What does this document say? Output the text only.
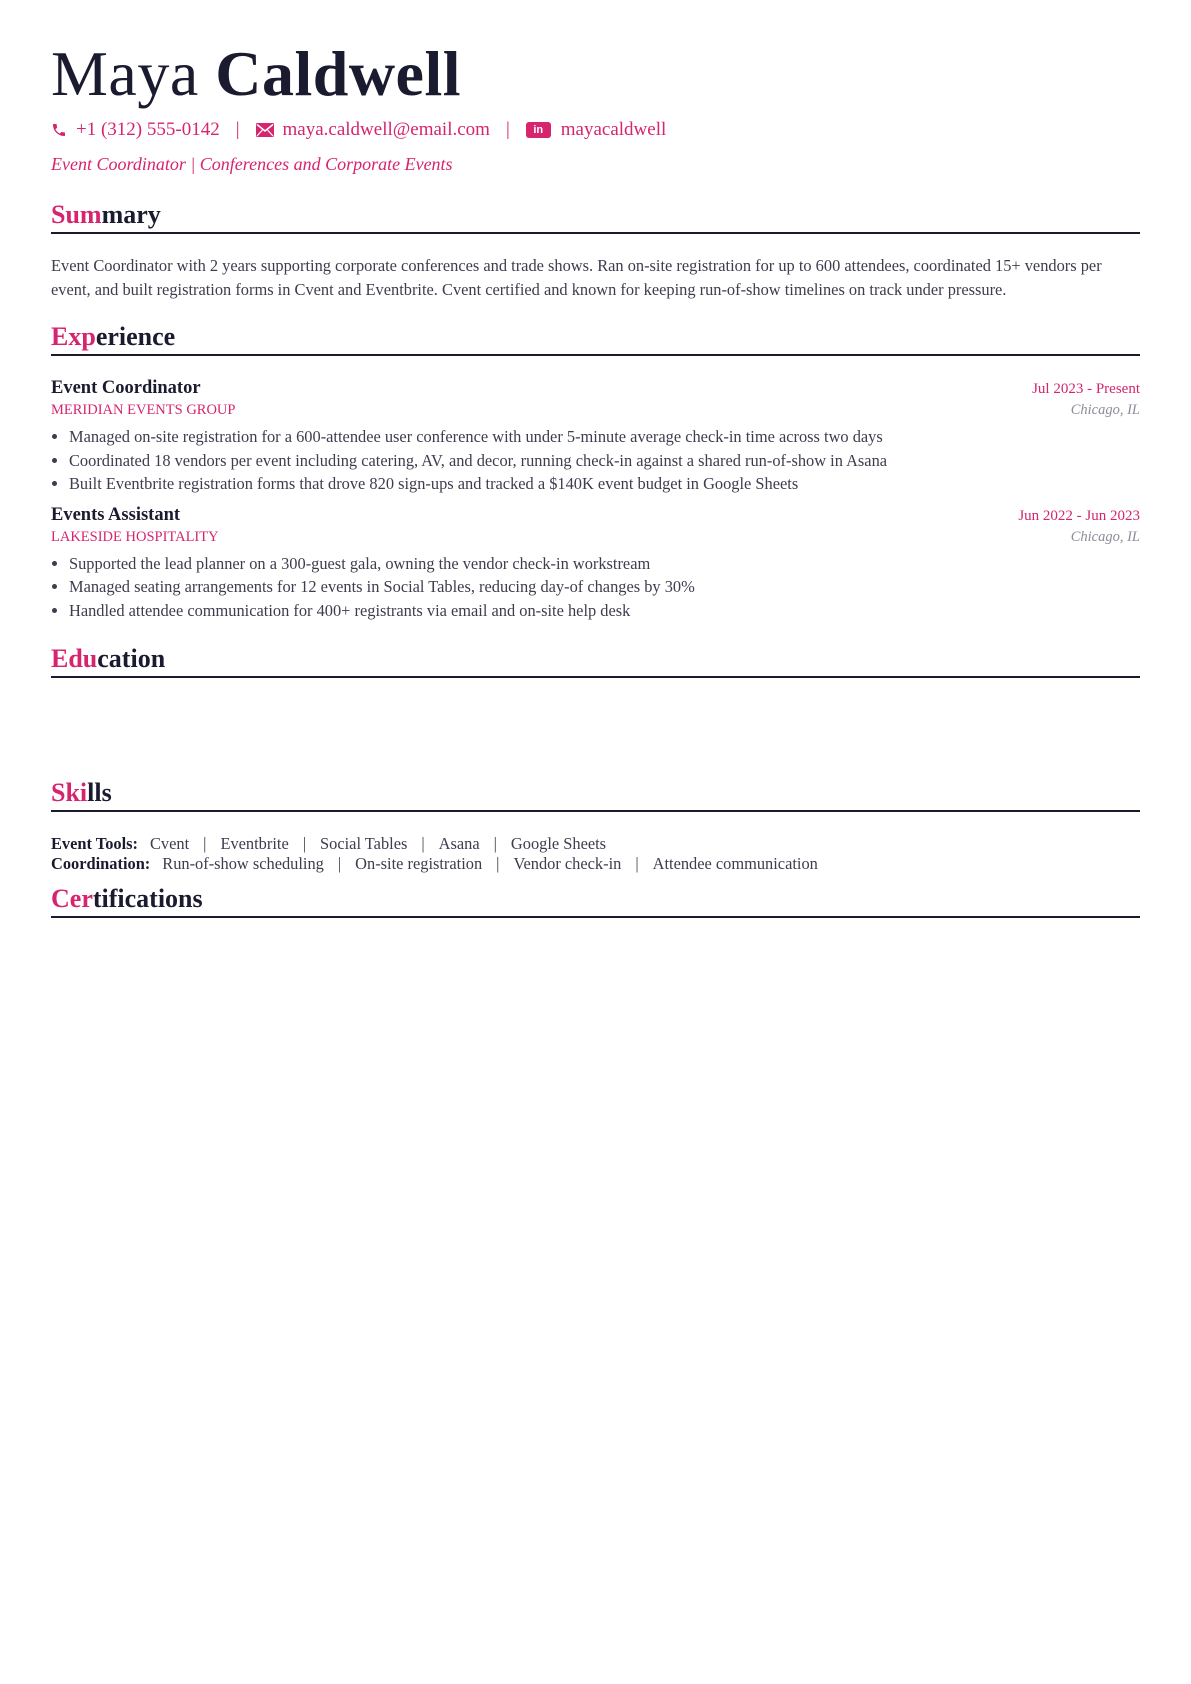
Maya Caldwell
+1 (312) 555-0142 | maya.caldwell@email.com |	in mayacaldwell
Event Coordinator | Conferences and Corporate Events
Summary
Event Coordinator with 2 years supporting corporate conferences and trade shows. Ran on-site registration for up to 600 attendees, coordinated 15+ vendors per event, and built registration forms in Cvent and Eventbrite. Cvent certified and known for keeping run-of-show timelines on track under pressure.
Experience
Event Coordinator	Jul 2023 - Present
MERIDIAN EVENTS GROUP	Chicago, IL
• Managed on-site registration for a 600-attendee user conference with under 5-minute average check-in time across two days
• Coordinated 18 vendors per event including catering, AV, and decor, running check-in against a shared run-of-show in Asana
• Built Eventbrite registration forms that drove 820 sign-ups and tracked a $140K event budget in Google Sheets
Events Assistant	Jun 2022 - Jun 2023
LAKESIDE HOSPITALITY	Chicago, IL
• Supported the lead planner on a 300-guest gala, owning the vendor check-in workstream
• Managed seating arrangements for 12 events in Social Tables, reducing day-of changes by 30%
• Handled attendee communication for 400+ registrants via email and on-site help desk
Education
Skills
Event Tools: Cvent | Eventbrite | Social Tables | Asana | Google Sheets
Coordination: Run-of-show scheduling | On-site registration | Vendor check-in | Attendee communication
Certifications
